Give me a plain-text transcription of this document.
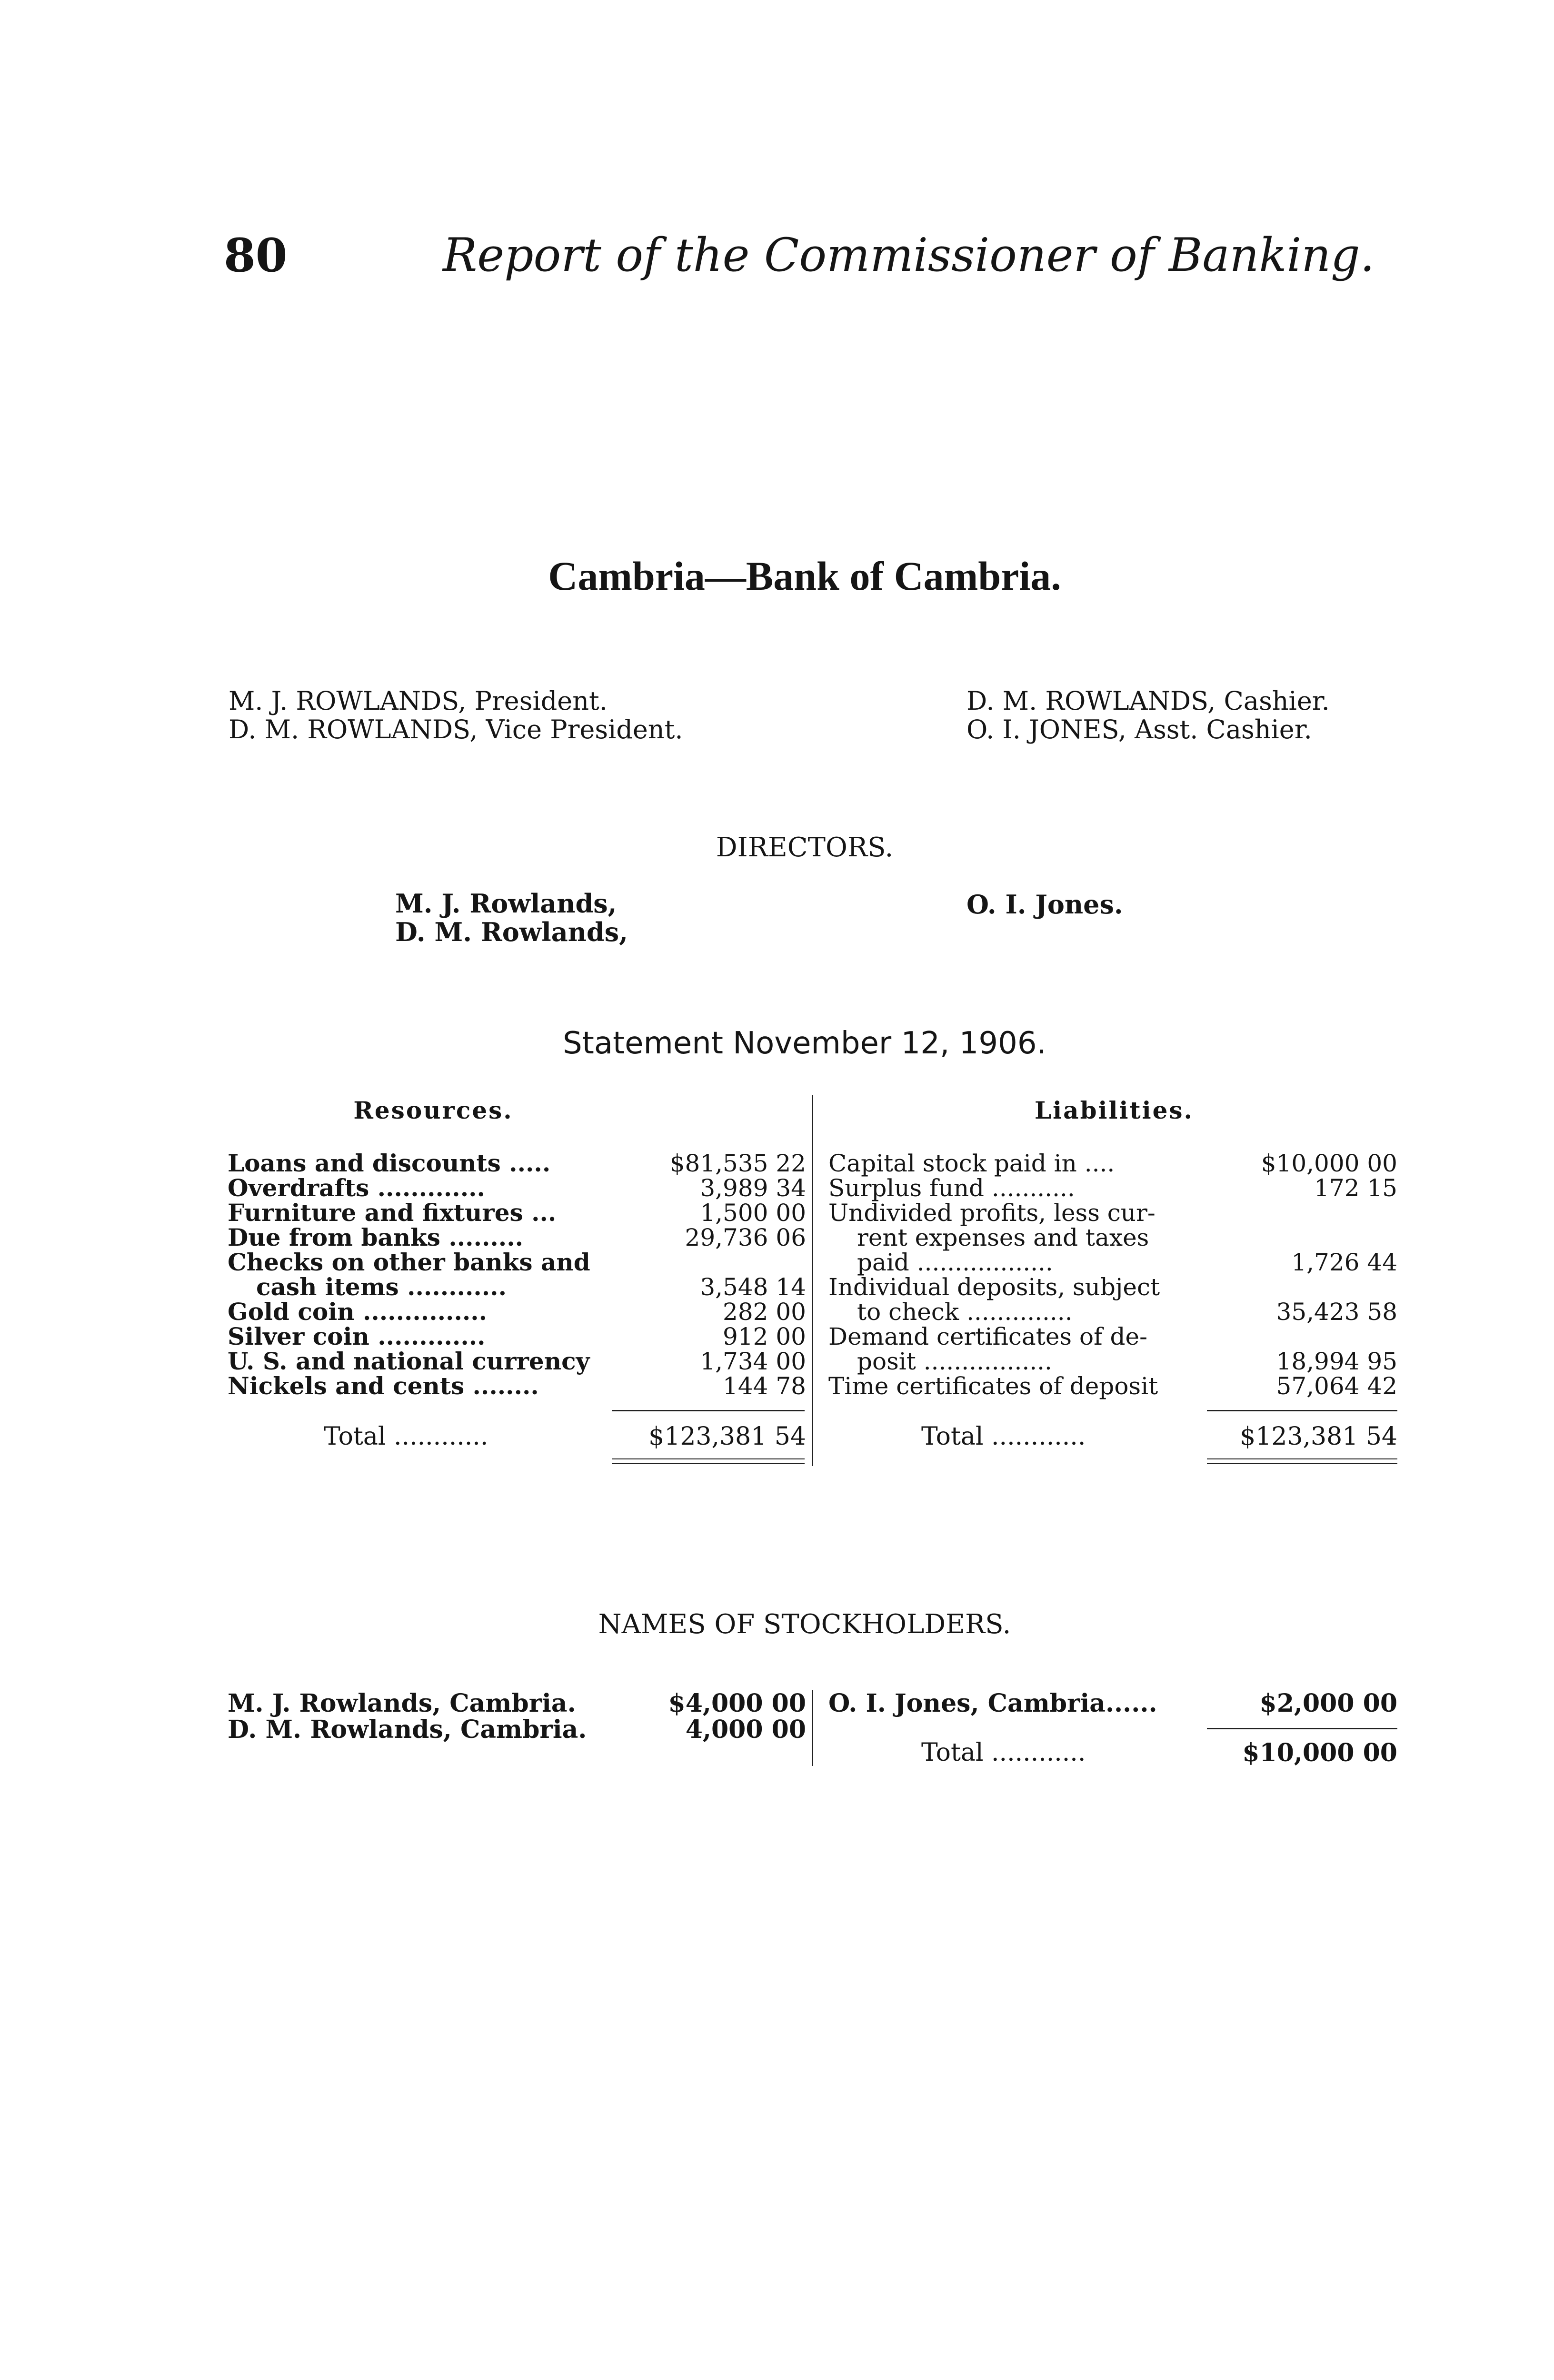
80	Report of the Commissioner of Banking.
Cambria—Bank of Cambria.
M. J. ROWLANDS, President.
D. M. ROWLANDS, Vice President.
D. M. ROWLANDS, Cashier.
O. I. JONES, Asst. Cashier.
DIRECTORS.
M. J. Rowlands,
D. M. Rowlands,
O. I. Jones.
Statement November 12, 1906.
Resources.	Liabilities.
Loans and discounts .....	$81,535 22
Overdrafts .............	3,989 34
Furniture and fixtures ...	1,500 00
Due from banks .........	29,736 06
Checks on other banks and
cash items ............	3,548 14
Gold coin ...............	282 00
Silver coin .............	912 00
U. S. and national currency	1,734 00
Nickels and cents ........	144 78
Capital stock paid in ....	$10,000 00
Surplus fund ...........	172 15
Undivided profits, less cur-
rent expenses and taxes
paid ..................	1,726 44
Individual deposits, subject
to check ..............	35,423 58
Demand certificates of de-
posit .................	18,994 95
Time certificates of deposit	57,064 42
Total ............	$123,381 54	Total ............	$123,381 54
NAMES OF STOCKHOLDERS.
M. J. Rowlands, Cambria.	$4,000 00
D. M. Rowlands, Cambria.	4,000 00
O. I. Jones, Cambria......	$2,000 00
Total ............	$10,000 00
